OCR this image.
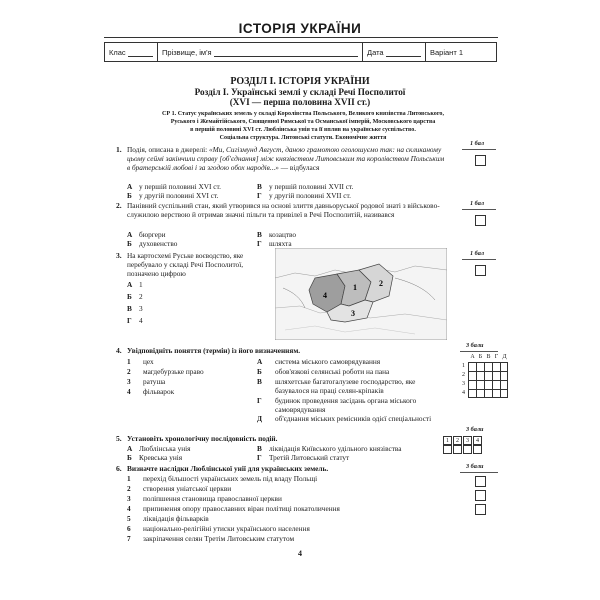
ІСТОРІЯ УКРАЇНИ
Клас	Прізвище, ім'я	Дата	Варіант 1
РОЗДІЛ І. ІСТОРІЯ УКРАЇНИ
Розділ І. Українські землі у складі Речі Посполитої
(XVI — перша половина XVII ст.)
СР 1. Статус українських земель у складі Королівства Польського, Великого князівства Литовського,
Руського і Жемайтійського, Священної Римської та Османської імперій, Московського царства
в першій половині XVI ст. Люблінська унія та її вплив на українське суспільство.
Соціальна структура. Литовські статути. Економічне життя
1. Подія, описана в джерелі: «Ми, Сигізмунд Август, даною грамотою оголошуємо так: на скликаному цьому сеймі закінчили справу [об'єднання] між князівством Литовським та королівством Польським в братерській любові і за згодою обох народів...» — відбулася
А у першій половині XVI ст.	В у першій половині XVII ст.
Б у другій половині XVI ст.	Г у другій половині XVII ст.
1 бал
2. Панівний суспільний стан, який утворився на основі злиття давньоруської родової знаті з військово-служилою верствою й отримав значні пільги та привілеї в Речі Посполитій, називався
А бюргери	В козацтво
Б духовенство	Г шляхта
1 бал
3. На картосхемі Руське воєводство, яке перебувало у складі Речі Посполитої, позначено цифрою
А 1
Б 2
В 3
Г 4
1 бал
1	2
3
4
4. Увідповідніть поняття (термін) із його визначенням.
1 цех
2 магдебурзьке право
3 ратуша
4 фільварок
А система міського самоврядування
Б обов'язкові селянські роботи на пана
В шляхетське багатогалузеве господарство, яке базувалося на праці селян-кріпаків
Г будинок проведення засідань органа міського самоврядування
Д об'єднання міських ремісників одієї спеціальності
3 бали
А Б В Г Д
1
2
3
4
5. Установіть хронологічну послідовність подій.
А Люблінська унія	В ліквідація Київського удільного князівства
Б Кревська унія	Г Третій Литовський статут
3 бали
1	2	3	4
6. Визначте наслідки Люблінської унії для українських земель.
1 перехід більшості українських земель під владу Польщі
2 створення уніатської церкви
3 поліпшення становища православної церкви
4 припинення опору православних віран політиці покатоличення
5 ліквідація фільварків
6 національно-релігійні утиски українського населення
7 закріпачення селян Третім Литовським статутом
3 бали
4
